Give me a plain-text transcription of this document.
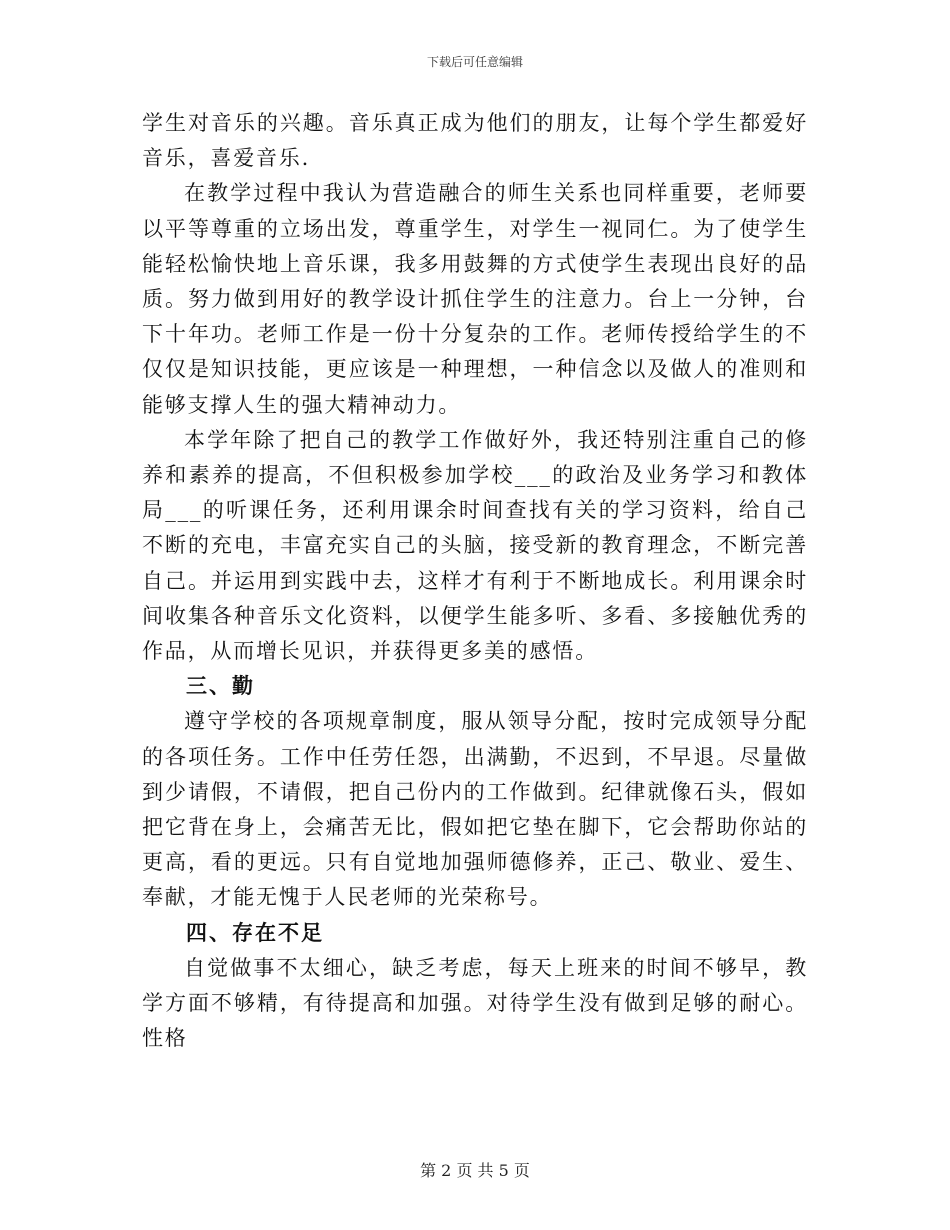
下载后可任意编辑

学生对音乐的兴趣。音乐真正成为他们的朋友，让每个学生都爱好音乐，喜爱音乐.

在教学过程中我认为营造融合的师生关系也同样重要，老师要以平等尊重的立场出发，尊重学生，对学生一视同仁。为了使学生能轻松愉快地上音乐课，我多用鼓舞的方式使学生表现出良好的品质。努力做到用好的教学设计抓住学生的注意力。台上一分钟，台下十年功。老师工作是一份十分复杂的工作。老师传授给学生的不仅仅是知识技能，更应该是一种理想，一种信念以及做人的准则和能够支撑人生的强大精神动力。

本学年除了把自己的教学工作做好外，我还特别注重自己的修养和素养的提高，不但积极参加学校___的政治及业务学习和教体局___的听课任务，还利用课余时间查找有关的学习资料，给自己不断的充电，丰富充实自己的头脑，接受新的教育理念，不断完善自己。并运用到实践中去，这样才有利于不断地成长。利用课余时间收集各种音乐文化资料，以便学生能多听、多看、多接触优秀的作品，从而增长见识，并获得更多美的感悟。

三、勤

遵守学校的各项规章制度，服从领导分配，按时完成领导分配的各项任务。工作中任劳任怨，出满勤，不迟到，不早退。尽量做到少请假，不请假，把自己份内的工作做到。纪律就像石头，假如把它背在身上，会痛苦无比，假如把它垫在脚下，它会帮助你站的更高，看的更远。只有自觉地加强师德修养，正己、敬业、爱生、奉献，才能无愧于人民老师的光荣称号。

四、存在不足

自觉做事不太细心，缺乏考虑，每天上班来的时间不够早，教学方面不够精，有待提高和加强。对待学生没有做到足够的耐心。性格

第 2 页 共 5 页
